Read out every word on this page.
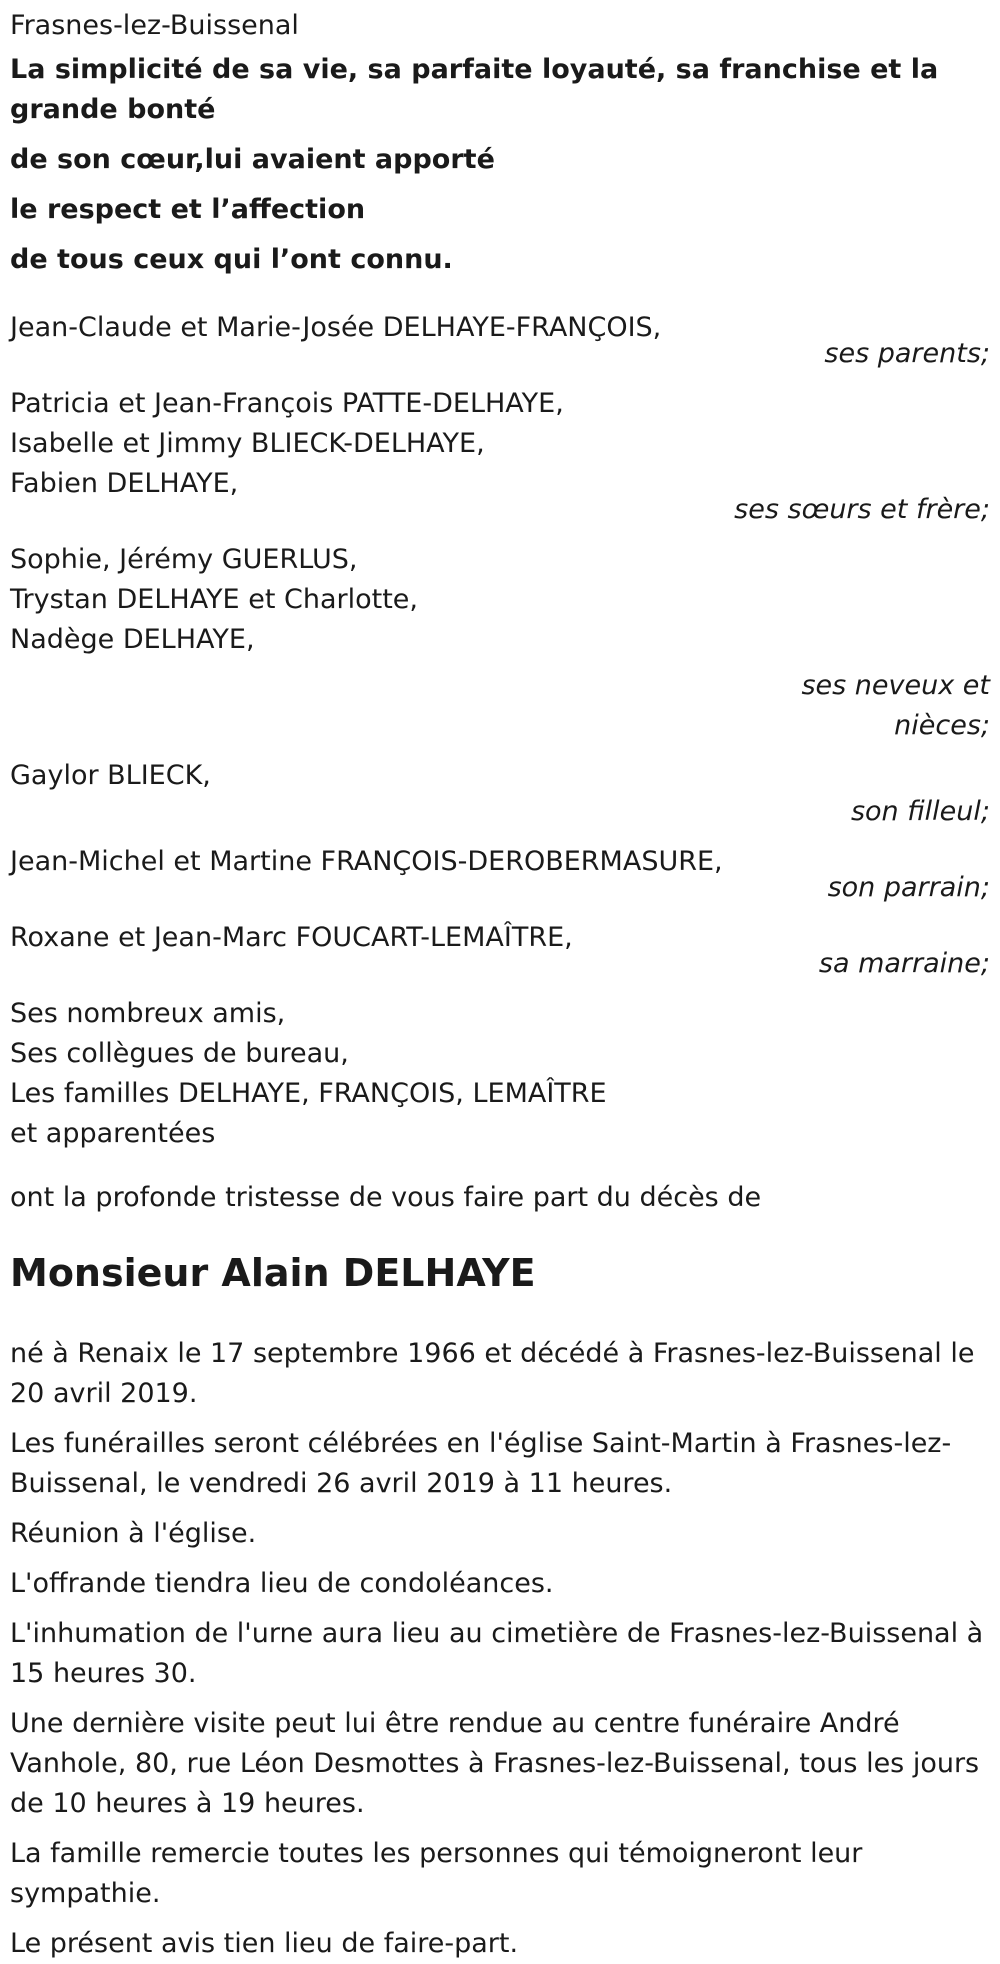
Frasnes-lez-Buissenal
La simplicité de sa vie, sa parfaite loyauté, sa franchise et la grande bonté
de son cœur,lui avaient apporté
le respect et l’affection
de tous ceux qui l’ont connu.
Jean-Claude et Marie-Josée DELHAYE-FRANÇOIS,
ses parents;
Patricia et Jean-François PATTE-DELHAYE,
Isabelle et Jimmy BLIECK-DELHAYE,
Fabien DELHAYE,
ses sœurs et frère;
Sophie, Jérémy GUERLUS,
Trystan DELHAYE et Charlotte,
Nadège DELHAYE,
ses neveux et nièces;
Gaylor BLIECK,
son filleul;
Jean-Michel et Martine FRANÇOIS-DEROBERMASURE,
son parrain;
Roxane et Jean-Marc FOUCART-LEMAÎTRE,
sa marraine;
Ses nombreux amis,
Ses collègues de bureau,
Les familles DELHAYE, FRANÇOIS, LEMAÎTRE
et apparentées
ont la profonde tristesse de vous faire part du décès de
Monsieur Alain DELHAYE
né à Renaix le 17 septembre 1966 et décédé à Frasnes-lez-Buissenal le 20 avril 2019.
Les funérailles seront célébrées en l'église Saint-Martin à Frasnes-lez-Buissenal, le vendredi 26 avril 2019 à 11 heures.
Réunion à l'église.
L'offrande tiendra lieu de condoléances.
L'inhumation de l'urne aura lieu au cimetière de Frasnes-lez-Buissenal à 15 heures 30.
Une dernière visite peut lui être rendue au centre funéraire André Vanhole, 80, rue Léon Desmottes à Frasnes-lez-Buissenal, tous les jours de 10 heures à 19 heures.
La famille remercie toutes les personnes qui témoigneront leur sympathie.
Le présent avis tien lieu de faire-part.
